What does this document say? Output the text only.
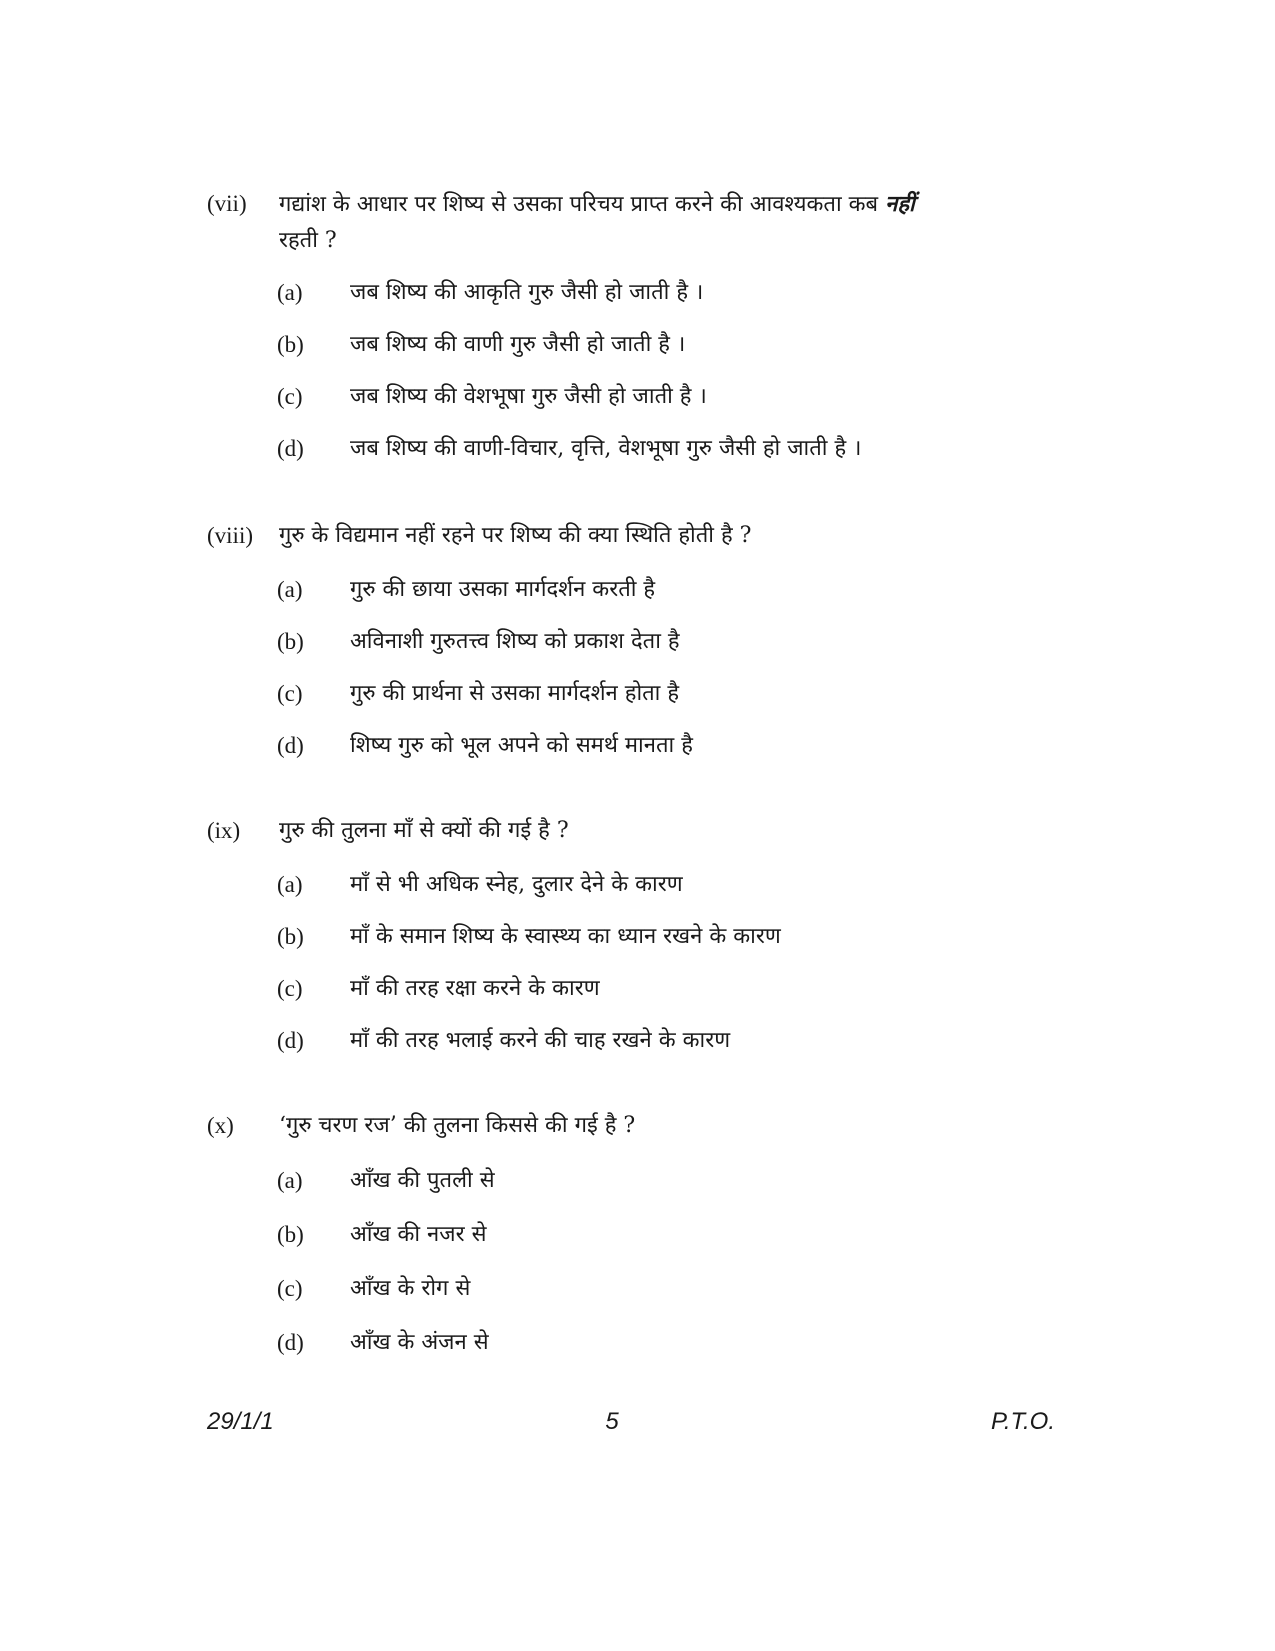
(vii) गद्यांश के आधार पर शिष्य से उसका परिचय प्राप्त करने की आवश्यकता कब नहीं
रहती ?
(a) जब शिष्य की आकृति गुरु जैसी हो जाती है ।
(b) जब शिष्य की वाणी गुरु जैसी हो जाती है ।
(c) जब शिष्य की वेशभूषा गुरु जैसी हो जाती है ।
(d) जब शिष्य की वाणी-विचार, वृत्ति, वेशभूषा गुरु जैसी हो जाती है ।
(viii) गुरु के विद्यमान नहीं रहने पर शिष्य की क्या स्थिति होती है ?
(a) गुरु की छाया उसका मार्गदर्शन करती है
(b) अविनाशी गुरुतत्त्व शिष्य को प्रकाश देता है
(c) गुरु की प्रार्थना से उसका मार्गदर्शन होता है
(d) शिष्य गुरु को भूल अपने को समर्थ मानता है
(ix) गुरु की तुलना माँ से क्यों की गई है ?
(a) माँ से भी अधिक स्नेह, दुलार देने के कारण
(b) माँ के समान शिष्य के स्वास्थ्य का ध्यान रखने के कारण
(c) माँ की तरह रक्षा करने के कारण
(d) माँ की तरह भलाई करने की चाह रखने के कारण
(x) ‘गुरु चरण रज’ की तुलना किससे की गई है ?
(a) आँख की पुतली से
(b) आँख की नजर से
(c) आँख के रोग से
(d) आँख के अंजन से
29/1/1	5	P.T.O.
